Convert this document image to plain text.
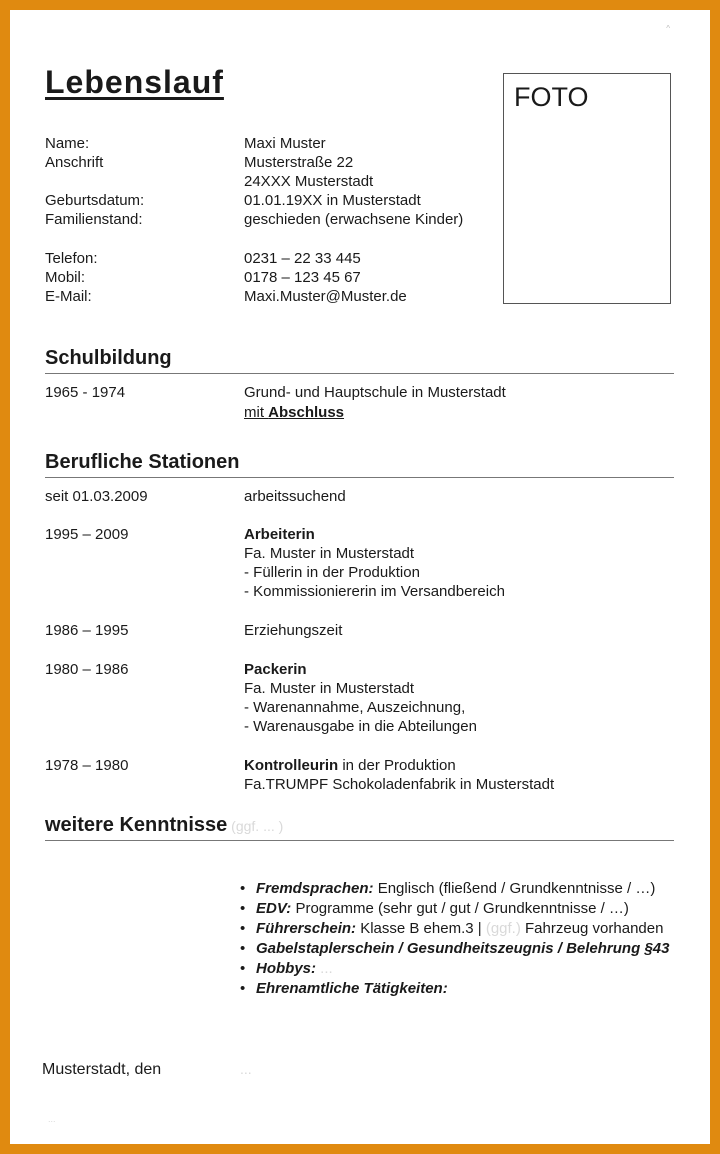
^
Lebenslauf	FOTO
Name:	Maxi Muster
Anschrift	Musterstraße 22
24XXX Musterstadt
Geburtsdatum:	01.01.19XX in Musterstadt
Familienstand:	geschieden (erwachsene Kinder)
Telefon:	0231 – 22 33 445
Mobil:	0178 – 123 45 67
E-Mail:	Maxi.Muster@Muster.de
Schulbildung
1965 - 1974	Grund- und Hauptschule in Musterstadt
mit Abschluss
Berufliche Stationen
seit 01.03.2009	arbeitssuchend
1995 – 2009	Arbeiterin
Fa. Muster in Musterstadt
- Füllerin in der Produktion
- Kommissioniererin im Versandbereich
1986 – 1995	Erziehungszeit
1980 – 1986	Packerin
Fa. Muster in Musterstadt
- Warenannahme, Auszeichnung,
- Warenausgabe in die Abteilungen
1978 – 1980	Kontrolleurin in der Produktion
Fa.TRUMPF Schokoladenfabrik in Musterstadt
weitere Kenntnisse (ggf. ... )
• Fremdsprachen: Englisch (fließend / Grundkenntnisse / …)
• EDV: Programme (sehr gut / gut / Grundkenntnisse / …)
• Führerschein: Klasse B ehem.3 | (ggf.) Fahrzeug vorhanden
• Gabelstaplerschein / Gesundheitszeugnis / Belehrung §43
• Hobbys: ...
• Ehrenamtliche Tätigkeiten:
Musterstadt, den	...
...
